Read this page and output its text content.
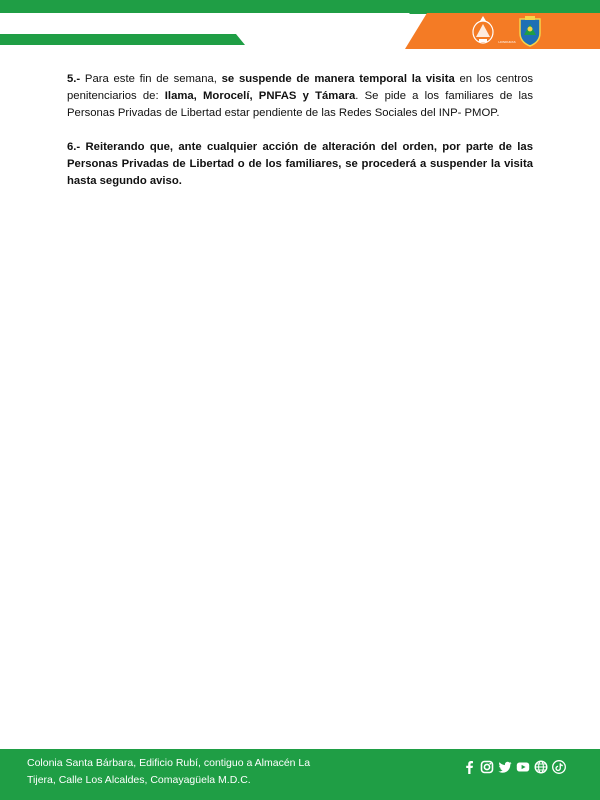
HONDURAS

5.- Para este fin de semana, se suspende de manera temporal la visita en los centros penitenciarios de: Ilama, Morocelí, PNFAS y Támara. Se pide a los familiares de las Personas Privadas de Libertad estar pendiente de las Redes Sociales del INP- PMOP.

6.- Reiterando que, ante cualquier acción de alteración del orden, por parte de las Personas Privadas de Libertad o de los familiares, se procederá a suspender la visita hasta segundo aviso.

Colonia Santa Bárbara, Edificio Rubí, contiguo a Almacén La
Tijera, Calle Los Alcaldes, Comayagüela M.D.C.
